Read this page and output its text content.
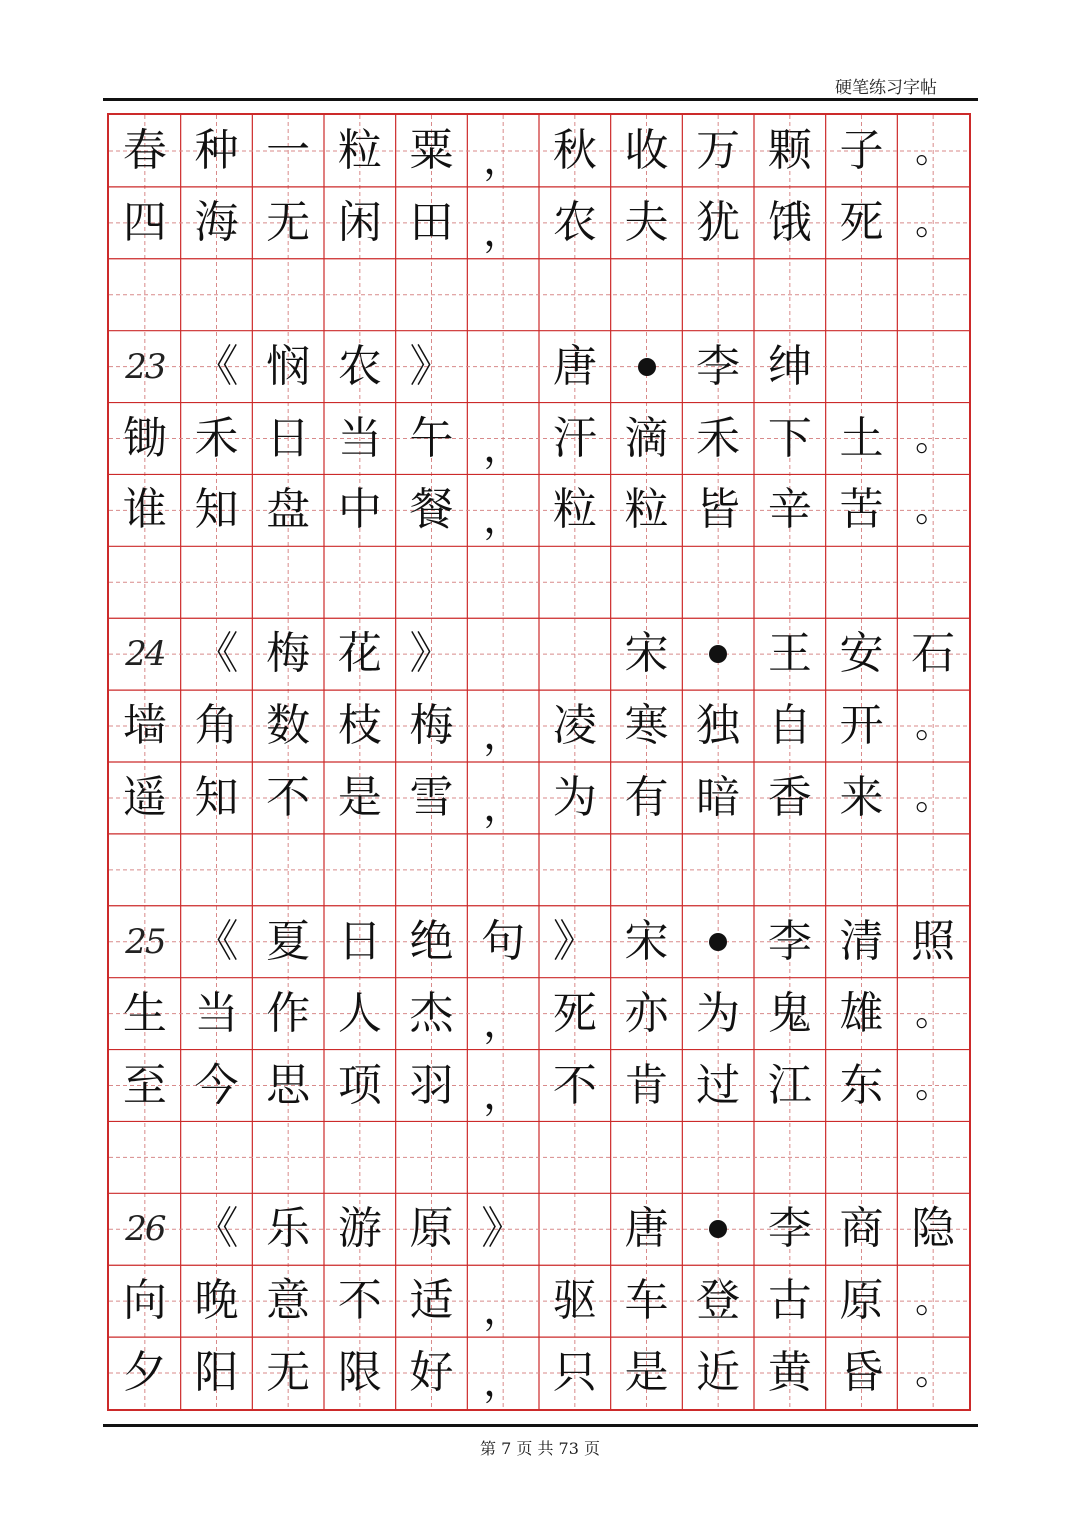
硬笔练习字帖
春 种 一 粒 粟 ， 秋 收 万 颗 子 。
四 海 无 闲 田 ， 农 夫 犹 饿 死 。
23 《 悯 农 》	唐	李 绅
锄 禾 日 当 午 ， 汗 滴 禾 下 土 。
谁 知 盘 中 餐 ， 粒 粒 皆 辛 苦 。
24 《 梅 花 》	宋	王 安 石
墙 角 数 枝 梅 ， 凌 寒 独 自 开 。
遥 知 不 是 雪 ， 为 有 暗 香 来 。
25 《 夏 日 绝 句 》 宋	李 清 照
生 当 作 人 杰 ， 死 亦 为 鬼 雄 。
至 今 思 项 羽 ， 不 肯 过 江 东 。
26 《 乐 游 原 》	唐	李 商 隐
向 晚 意 不 适 ， 驱 车 登 古 原 。
夕 阳 无 限 好 ， 只 是 近 黄 昏 。
第 7 页 共 73 页
